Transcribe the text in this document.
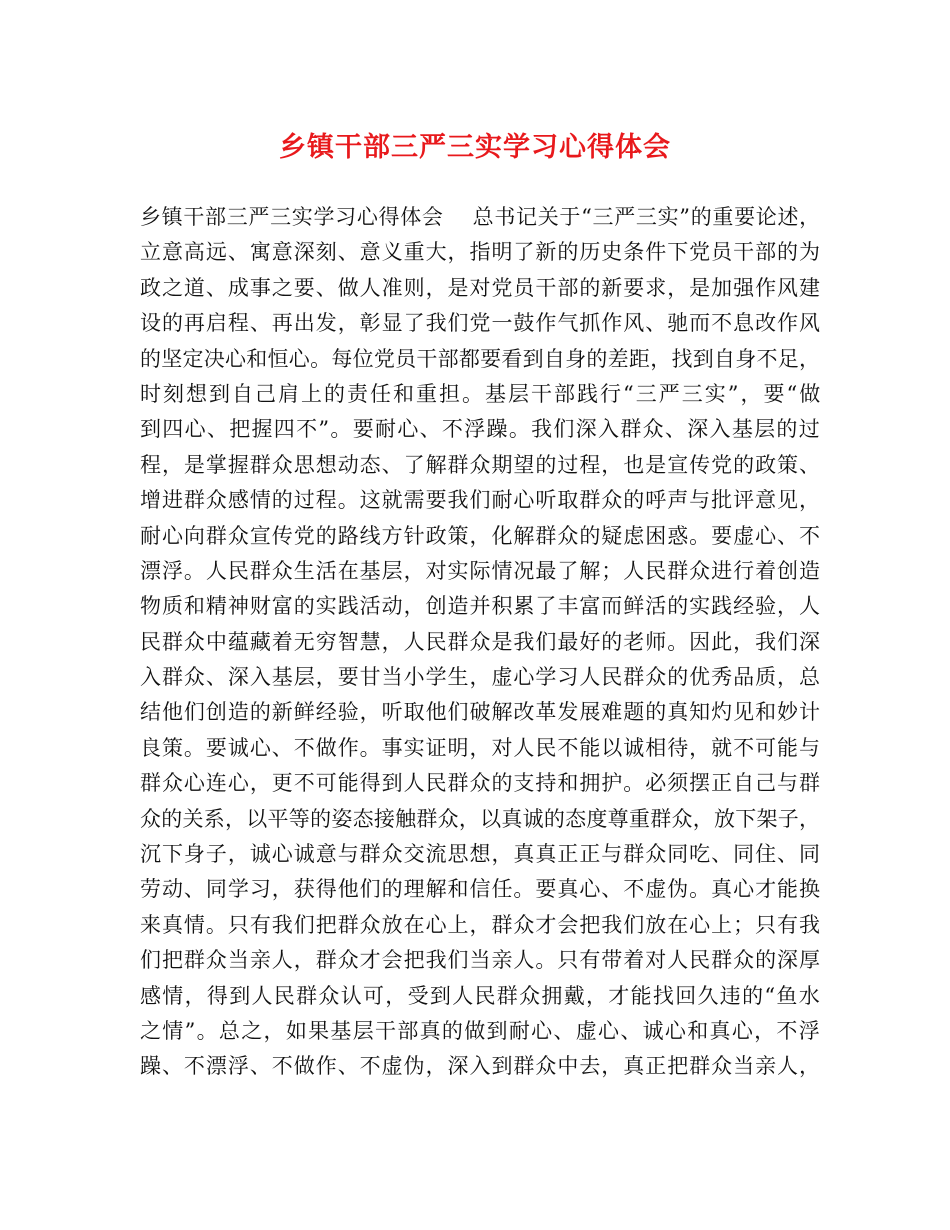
乡镇干部三严三实学习心得体会
乡镇干部三严三实学习心得体会　 总书记关于“三严三实”的重要论述，
立意高远、寓意深刻、意义重大，指明了新的历史条件下党员干部的为
政之道、成事之要、做人准则，是对党员干部的新要求，是加强作风建
设的再启程、再出发，彰显了我们党一鼓作气抓作风、驰而不息改作风
的坚定决心和恒心。每位党员干部都要看到自身的差距，找到自身不足，
时刻想到自己肩上的责任和重担。基层干部践行“三严三实”，要“做
到四心、把握四不”。要耐心、不浮躁。我们深入群众、深入基层的过
程，是掌握群众思想动态、了解群众期望的过程，也是宣传党的政策、
增进群众感情的过程。这就需要我们耐心听取群众的呼声与批评意见，
耐心向群众宣传党的路线方针政策，化解群众的疑虑困惑。要虚心、不
漂浮。人民群众生活在基层，对实际情况最了解；人民群众进行着创造
物质和精神财富的实践活动，创造并积累了丰富而鲜活的实践经验，人
民群众中蕴藏着无穷智慧，人民群众是我们最好的老师。因此，我们深
入群众、深入基层，要甘当小学生，虚心学习人民群众的优秀品质，总
结他们创造的新鲜经验，听取他们破解改革发展难题的真知灼见和妙计
良策。要诚心、不做作。事实证明，对人民不能以诚相待，就不可能与
群众心连心，更不可能得到人民群众的支持和拥护。必须摆正自己与群
众的关系，以平等的姿态接触群众，以真诚的态度尊重群众，放下架子，
沉下身子，诚心诚意与群众交流思想，真真正正与群众同吃、同住、同
劳动、同学习，获得他们的理解和信任。要真心、不虚伪。真心才能换
来真情。只有我们把群众放在心上，群众才会把我们放在心上；只有我
们把群众当亲人，群众才会把我们当亲人。只有带着对人民群众的深厚
感情，得到人民群众认可，受到人民群众拥戴，才能找回久违的“鱼水
之情”。总之，如果基层干部真的做到耐心、虚心、诚心和真心，不浮
躁、不漂浮、不做作、不虚伪，深入到群众中去，真正把群众当亲人，
